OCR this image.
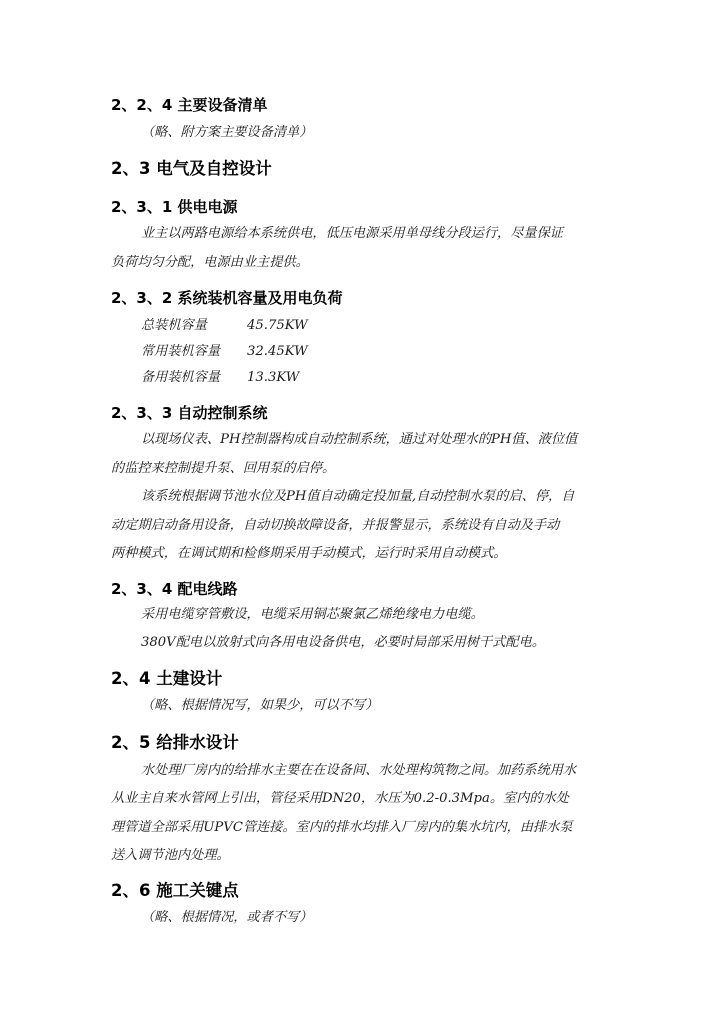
2、2、4 主要设备清单

（略、附方案主要设备清单）

2、3 电气及自控设计
2、3、1 供电电源

业主以两路电源给本系统供电，低压电源采用单母线分段运行，尽量保证

负荷均匀分配，电源由业主提供。

2、3、2 系统装机容量及用电负荷

总装机容量	45.75KW

常用装机容量 32.45KW

备用装机容量 13.3KW

2、3、3 自动控制系统

以现场仪表、PH控制器构成自动控制系统，通过对处理水的PH值、液位值

的监控来控制提升泵、回用泵的启停。

该系统根据调节池水位及PH值自动确定投加量,自动控制水泵的启、停，自

动定期启动备用设备，自动切换故障设备，并报警显示，系统设有自动及手动

两种模式，在调试期和检修期采用手动模式，运行时采用自动模式。

2、3、4 配电线路

采用电缆穿管敷设，电缆采用铜芯聚氯乙烯绝缘电力电缆。

380V配电以放射式向各用电设备供电，必要时局部采用树干式配电。

2、4 土建设计

（略、根据情况写，如果少，可以不写）

2、5 给排水设计

水处理厂房内的给排水主要在在设备间、水处理构筑物之间。加药系统用水

从业主自来水管网上引出，管径采用DN20，水压为0.2-0.3Mpa。室内的水处

理管道全部采用UPVC管连接。室内的排水均排入厂房内的集水坑内，由排水泵

送入调节池内处理。

2、6 施工关键点

（略、根据情况，或者不写）
